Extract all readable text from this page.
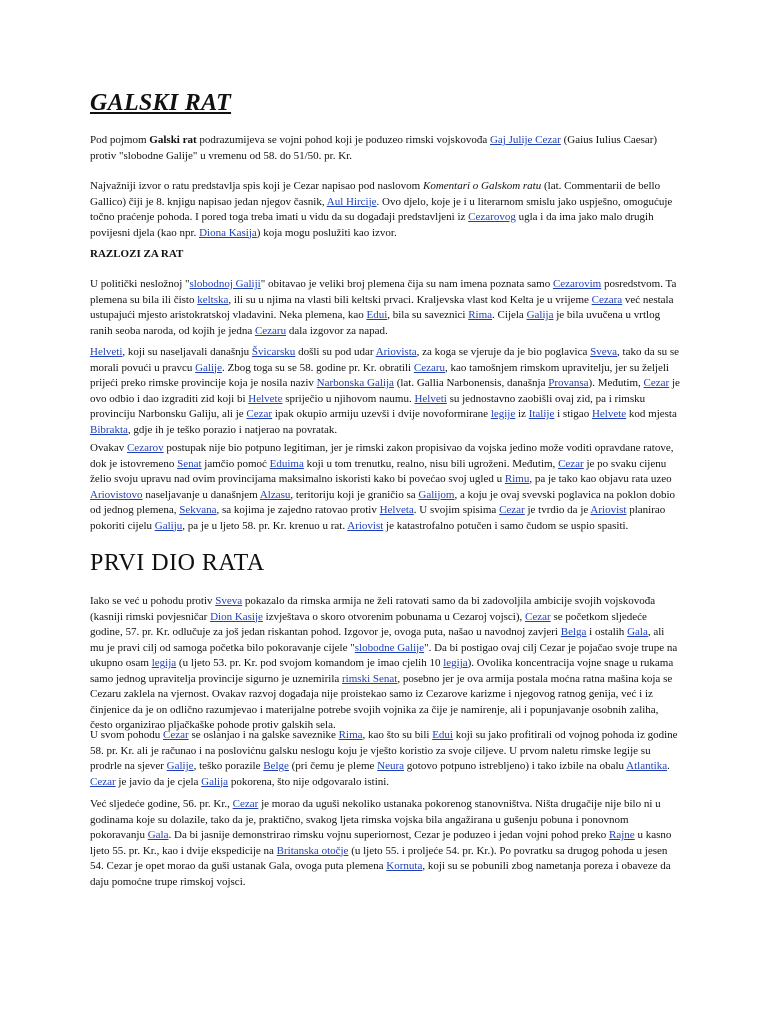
GALSKI RAT

Pod pojmom Galski rat podrazumijeva se vojni pohod koji je poduzeo rimski vojskovođa Gaj Julije Cezar (Gaius Iulius Caesar) protiv "slobodne Galije" u vremenu od 58. do 51/50. pr. Kr.

Najvažniji izvor o ratu predstavlja spis koji je Cezar napisao pod naslovom Komentari o Galskom ratu (lat. Commentarii de bello Gallico) čiji je 8. knjigu napisao jedan njegov časnik, Aul Hircije. Ovo djelo, koje je i u literarnom smislu jako uspješno, omogućuje točno praćenje pohoda. I pored toga treba imati u vidu da su događaji predstavljeni iz Cezarovog ugla i da ima jako malo drugih povijesni djela (kao npr. Diona Kasija) koja mogu poslužiti kao izvor.

RAZLOZI ZA RAT

U politički nesložnoj "slobodnoj Galiji" obitavao je veliki broj plemena čija su nam imena poznata samo Cezarovim posredstvom. Ta plemena su bila ili čisto keltska, ili su u njima na vlasti bili keltski prvaci. Kraljevska vlast kod Kelta je u vrijeme Cezara već nestala ustupajući mjesto aristokratskoj vladavini. Neka plemena, kao Edui, bila su saveznici Rima. Cijela Galija je bila uvučena u vrtlog ranih seoba naroda, od kojih je jedna Cezaru dala izgovor za napad.

Helveti, koji su naseljavali današnju Švicarsku došli su pod udar Ariovista, za koga se vjeruje da je bio poglavica Sveva, tako da su se morali povući u pravcu Galije. Zbog toga su se 58. godine pr. Kr. obratili Cezaru, kao tamošnjem rimskom upravitelju, jer su željeli prijeći preko rimske provincije koja je nosila naziv Narbonska Galija (lat. Gallia Narbonensis, današnja Provansa). Međutim, Cezar je ovo odbio i dao izgraditi zid koji bi Helvete spriječio u njihovom naumu. Helveti su jednostavno zaobišli ovaj zid, pa i rimsku provinciju Narbonsku Galiju, ali je Cezar ipak okupio armiju uzevši i dvije novoformirane legije iz Italije i stigao Helvete kod mjesta Bibrakta, gdje ih je teško porazio i natjerao na povratak.

Ovakav Cezarov postupak nije bio potpuno legitiman, jer je rimski zakon propisivao da vojska jedino može voditi opravdane ratove, dok je istovremeno Senat jamčio pomoć Eduima koji u tom trenutku, realno, nisu bili ugroženi. Međutim, Cezar je po svaku cijenu želio svoju upravu nad ovim provincijama maksimalno iskoristi kako bi povećao svoj ugled u Rimu, pa je tako kao objavu rata uzeo Ariovistovo naseljavanje u današnjem Alzasu, teritoriju koji je graničio sa Galijom, a koju je ovaj svevski poglavica na poklon dobio od jednog plemena, Sekvana, sa kojima je zajedno ratovao protiv Helveta. U svojim spisima Cezar je tvrdio da je Ariovist planirao pokoriti cijelu Galiju, pa je u ljeto 58. pr. Kr. krenuo u rat. Ariovist je katastrofalno potučen i samo čudom se uspio spasiti.

PRVI DIO RATA

Iako se već u pohodu protiv Sveva pokazalo da rimska armija ne želi ratovati samo da bi zadovoljila ambicije svojih vojskovođa (kasniji rimski povjesničar Dion Kasije izvještava o skoro otvorenim pobunama u Cezaroj vojsci), Cezar se početkom sljedeće godine, 57. pr. Kr. odlučuje za još jedan riskantan pohod. Izgovor je, ovoga puta, našao u navodnoj zavjeri Belga i ostalih Gala, ali mu je pravi cilj od samoga početka bilo pokoravanje cijele "slobodne Galije". Da bi postigao ovaj cilj Cezar je pojačao svoje trupe na ukupno osam legija (u ljeto 53. pr. Kr. pod svojom komandom je imao cjelih 10 legija). Ovolika koncentracija vojne snage u rukama samo jednog upravitelja provincije sigurno je uznemirila rimski Senat, posebno jer je ova armija postala moćna ratna mašina koja se Cezaru zaklela na vjernost. Ovakav razvoj događaja nije proistekao samo iz Cezarove karizme i njegovog ratnog genija, već i iz činjenice da je on odlično razumjevao i materijalne potrebe svojih vojnika za čije je namirenje, ali i popunjavanje osobnih zaliha, često organizirao pljačkaške pohode protiv galskih sela.

U svom pohodu Cezar se oslanjao i na galske saveznike Rima, kao što su bili Edui koji su jako profitirali od vojnog pohoda iz godine 58. pr. Kr. ali je računao i na posloviċnu galsku neslogu koju je vješto koristio za svoje ciljeve. U prvom naletu rimske legije su prodrle na sjever Galije, teško porazile Belge (pri čemu je pleme Neura gotovo potpuno istrebljeno) i tako izbile na obalu Atlantika. Cezar je javio da je cjela Galija pokorena, što nije odgovaralo istini.

Već sljedeće godine, 56. pr. Kr., Cezar je morao da uguši nekoliko ustanaka pokorenog stanovništva. Ništa drugačije nije bilo ni u godinama koje su dolazile, tako da je, praktično, svakog ljeta rimska vojska bila angažirana u gušenju pobuna i ponovnom pokoravanju Gala. Da bi jasnije demonstrirao rimsku vojnu superiornost, Cezar je poduzeo i jedan vojni pohod preko Rajne u kasno ljeto 55. pr. Kr., kao i dvije ekspedicije na Britanska otočje (u ljeto 55. i proljeće 54. pr. Kr.). Po povratku sa drugog pohoda u jesen 54. Cezar je opet morao da guši ustanak Gala, ovoga puta plemena Kornuta, koji su se pobunili zbog nametanja poreza i obaveze da daju pomoćne trupe rimskoj vojsci.
